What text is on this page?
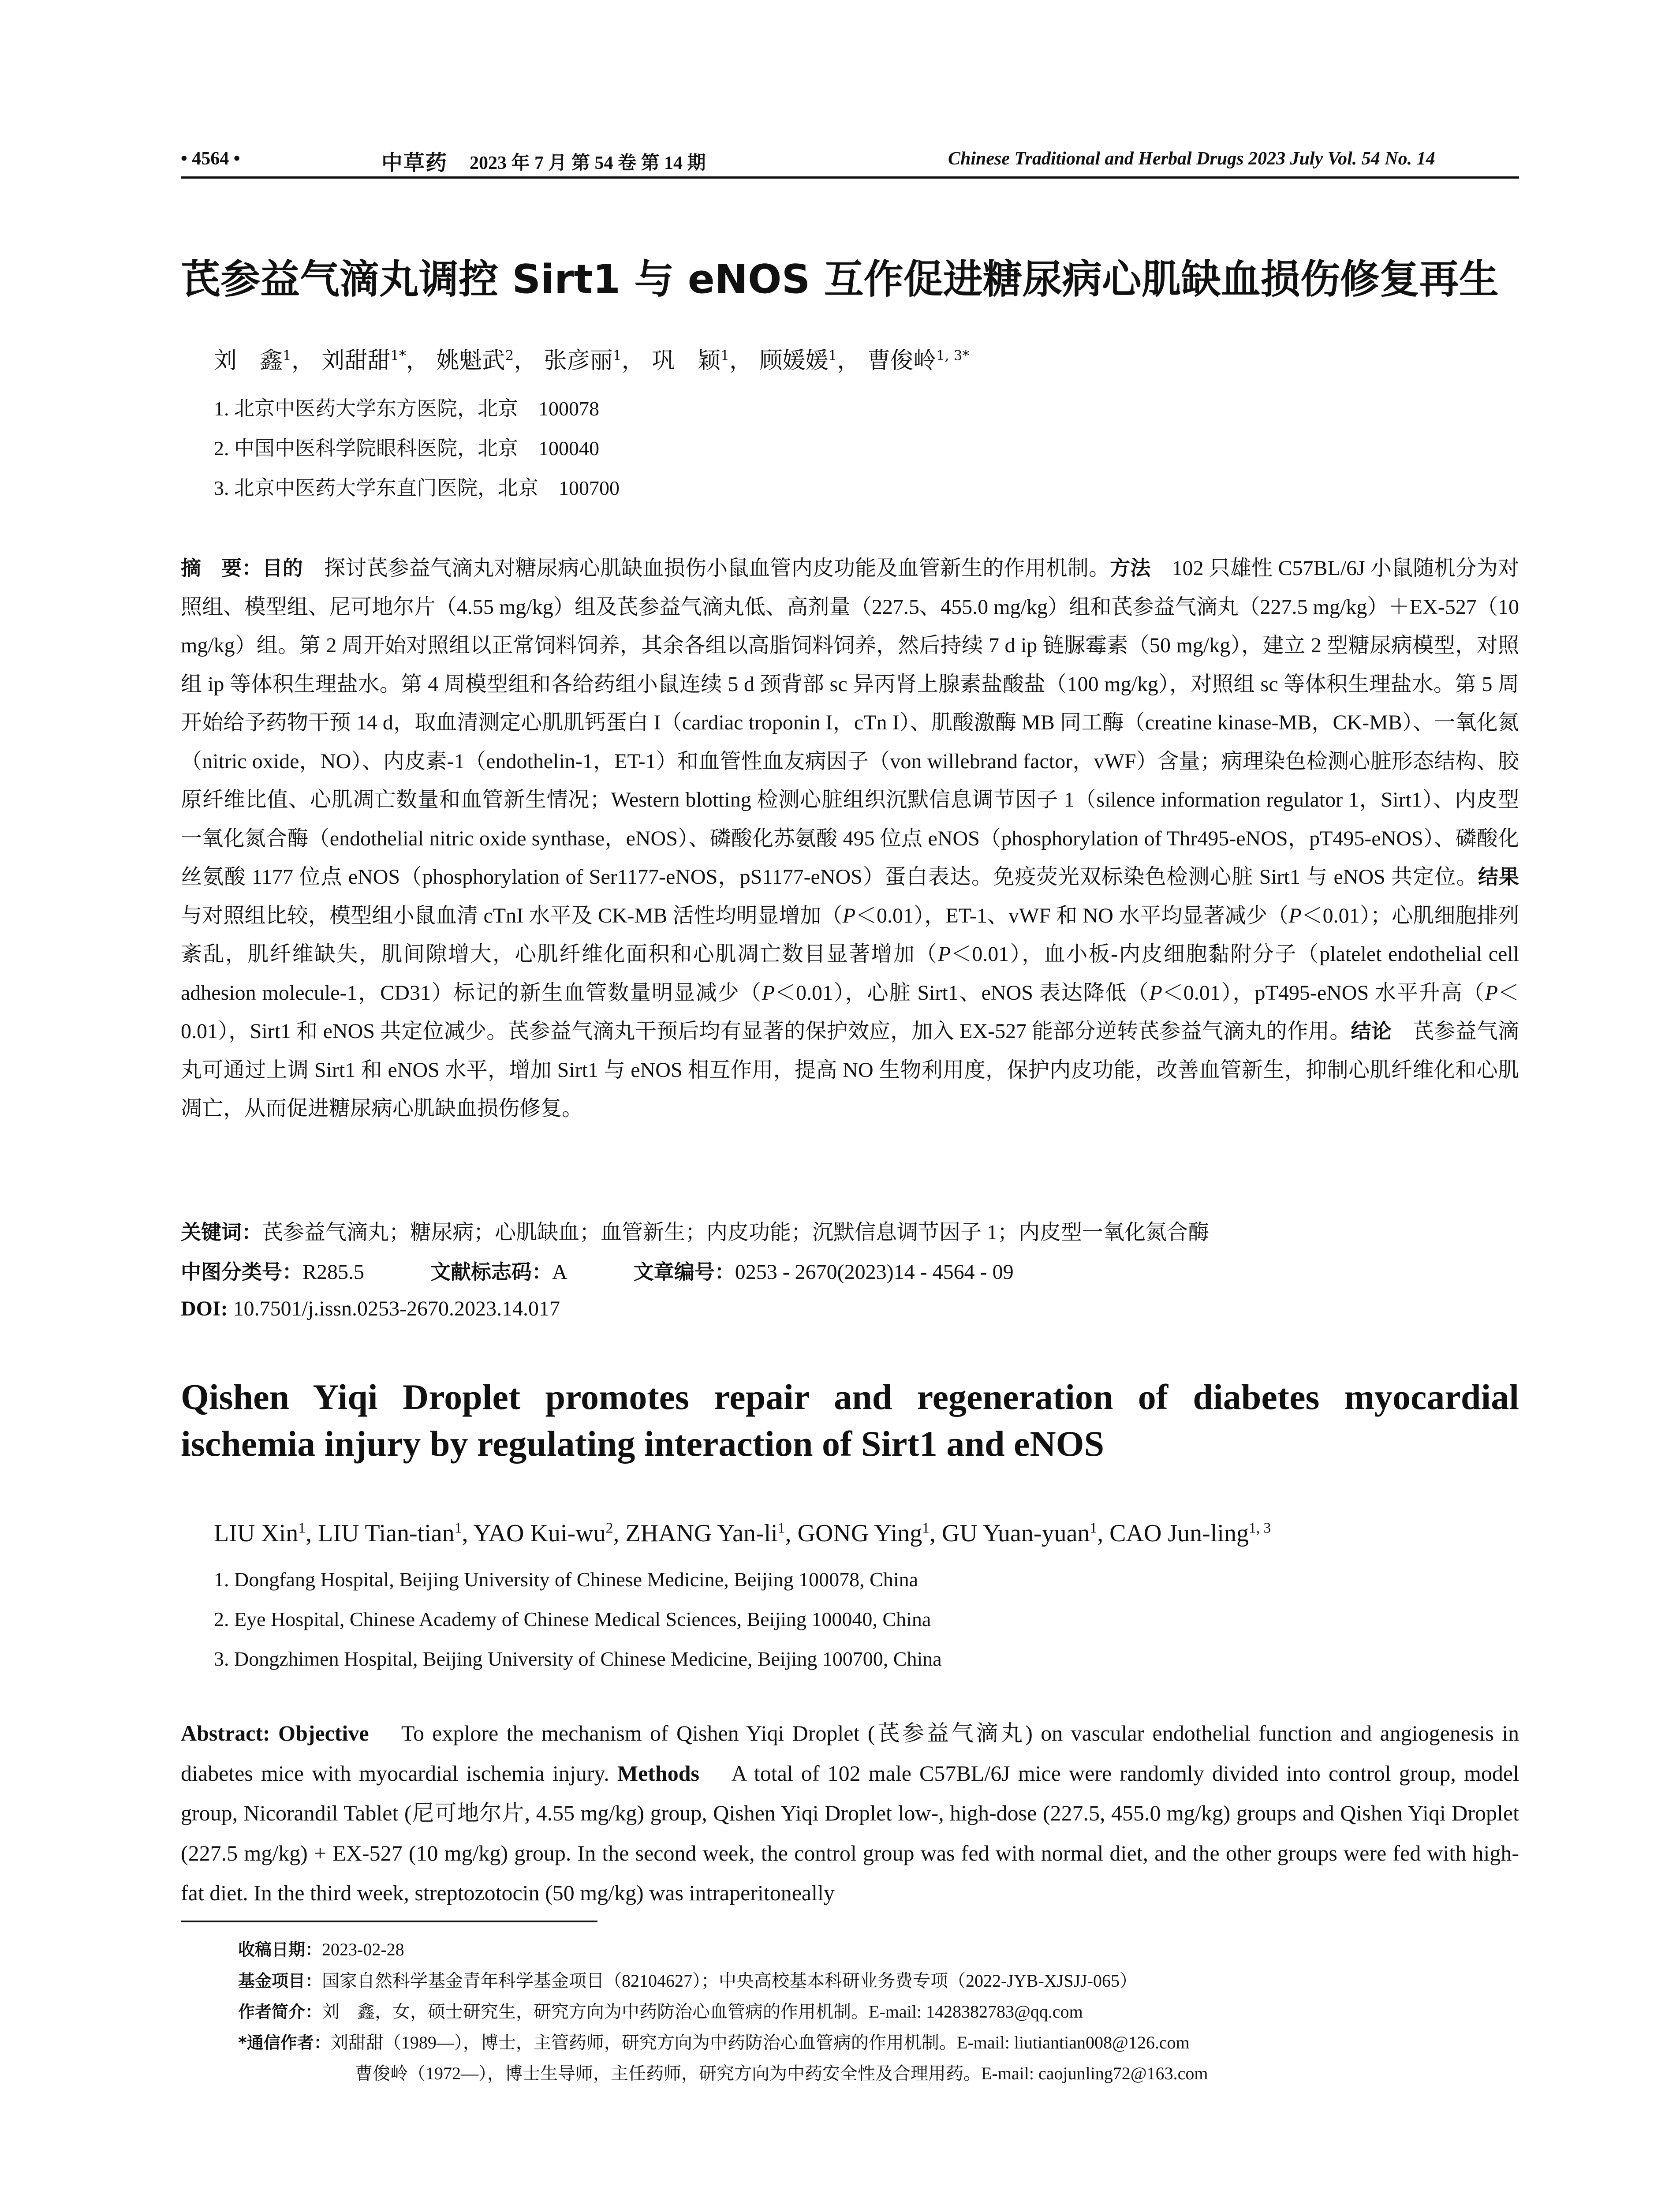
• 4564 •	中草药 2023 年 7 月 第 54 卷 第 14 期	Chinese Traditional and Herbal Drugs 2023 July Vol. 54 No. 14
芪参益气滴丸调控 Sirt1 与 eNOS 互作促进糖尿病心肌缺血损伤修复再生
刘　鑫$^1$， 刘甜甜$^{1*}$， 姚魁武$^2$， 张彦丽$^1$， 巩　颖$^1$， 顾媛媛$^1$， 曹俊岭$^{1, 3*}$
1. 北京中医药大学东方医院，北京　100078
2. 中国中医科学院眼科医院，北京　100040
3. 北京中医药大学东直门医院，北京　100700
摘　要：目的　 探讨芪参益气滴丸对糖尿病心肌缺血损伤小鼠血管内皮功能及血管新生的作用机制。方法　 102 只雄性 C57BL/6J 小鼠随机分为对照组、模型组、尼可地尔片（4.55 mg/kg）组及芪参益气滴丸低、高剂量（227.5、455.0 mg/kg）组和芪参益气滴丸（227.5 mg/kg）＋EX-527（10 mg/kg）组。第 2 周开始对照组以正常饲料饲养，其余各组以高脂饲料饲养，然后持续 7 d ip 链脲霉素（50 mg/kg），建立 2 型糖尿病模型，对照组 ip 等体积生理盐水。第 4 周模型组和各给药组小鼠连续 5 d 颈背部 sc 异丙肾上腺素盐酸盐（100 mg/kg），对照组 sc 等体积生理盐水。第 5 周开始给予药物干预 14 d，取血清测定心肌肌钙蛋白 I（cardiac troponin I，cTn I）、肌酸激酶 MB 同工酶（creatine kinase-MB，CK-MB）、一氧化氮（nitric oxide，NO）、内皮素-1（endothelin-1，ET-1）和血管性血友病因子（von willebrand factor，vWF）含量；病理染色检测心脏形态结构、胶原纤维比值、心肌凋亡数量和血管新生情况；Western blotting 检测心脏组织沉默信息调节因子 1（silence information regulator 1，Sirt1）、内皮型一氧化氮合酶（endothelial nitric oxide synthase，eNOS）、磷酸化苏氨酸 495 位点 eNOS（phosphorylation of Thr495-eNOS，pT495-eNOS）、磷酸化丝氨酸 1177 位点 eNOS（phosphorylation of Ser1177-eNOS，pS1177-eNOS）蛋白表达。免疫荧光双标染色检测心脏 Sirt1 与 eNOS 共定位。结果　与对照组比较，模型组小鼠血清 cTnI 水平及 CK-MB 活性均明显增加（P＜0.01），ET-1、vWF 和 NO 水平均显著减少（P＜0.01）；心肌细胞排列紊乱，肌纤维缺失，肌间隙增大，心肌纤维化面积和心肌凋亡数目显著增加（P＜0.01），血小板-内皮细胞黏附分子（platelet endothelial cell adhesion molecule-1，CD31）标记的新生血管数量明显减少（P＜0.01），心脏 Sirt1、eNOS 表达降低（P＜0.01），pT495-eNOS 水平升高（P＜0.01），Sirt1 和 eNOS 共定位减少。芪参益气滴丸干预后均有显著的保护效应，加入 EX-527 能部分逆转芪参益气滴丸的作用。结论　 芪参益气滴丸可通过上调 Sirt1 和 eNOS 水平，增加 Sirt1 与 eNOS 相互作用，提高 NO 生物利用度，保护内皮功能，改善血管新生，抑制心肌纤维化和心肌凋亡，从而促进糖尿病心肌缺血损伤修复。
关键词：芪参益气滴丸；糖尿病；心肌缺血；血管新生；内皮功能；沉默信息调节因子 1；内皮型一氧化氮合酶
中图分类号：R285.5	文献标志码：A	文章编号：0253 - 2670(2023)14 - 4564 - 09
DOI: 10.7501/j.issn.0253-2670.2023.14.017
Qishen Yiqi Droplet promotes repair and regeneration of diabetes myocardial ischemia injury by regulating interaction of Sirt1 and eNOS
LIU Xin$^1$, LIU Tian-tian$^1$, YAO Kui-$wu^2$, ZHANG Yan-$li^1$, GONG Ying$^1$, GU Yuan-yuan$^1$, CAO Jun-ling$^{1, 3}$
1. Dongfang Hospital, Beijing University of Chinese Medicine, Beijing 100078, China
2. Eye Hospital, Chinese Academy of Chinese Medical Sciences, Beijing 100040, China
3. Dongzhimen Hospital, Beijing University of Chinese Medicine, Beijing 100700, China
Abstract: Objective To explore the mechanism of Qishen Yiqi Droplet (芪参益气滴丸) on vascular endothelial function and angiogenesis in diabetes mice with myocardial ischemia injury. Methods A total of 102 male C57BL/6J mice were randomly divided into control group, model group, Nicorandil Tablet (尼可地尔片, 4.55 mg/kg) group, Qishen Yiqi Droplet low-, high-dose (227.5, 455.0 mg/kg) groups and Qishen Yiqi Droplet (227.5 mg/kg) + EX-527 (10 mg/kg) group. In the second week, the control group was fed with normal diet, and the other groups were fed with high-fat diet. In the third week, streptozotocin (50 mg/kg) was intraperitoneally
收稿日期：2023-02-28
基金项目：国家自然科学基金青年科学基金项目（82104627）；中央高校基本科研业务费专项（2022-JYB-XJSJJ-065）
作者简介：刘　鑫，女，硕士研究生，研究方向为中药防治心血管病的作用机制。E-mail: 1428382783@qq.com
*通信作者：刘甜甜（1989—），博士，主管药师，研究方向为中药防治心血管病的作用机制。E-mail: liutiantian008@126.com
曹俊岭（1972—），博士生导师，主任药师，研究方向为中药安全性及合理用药。E-mail: caojunling72@163.com
